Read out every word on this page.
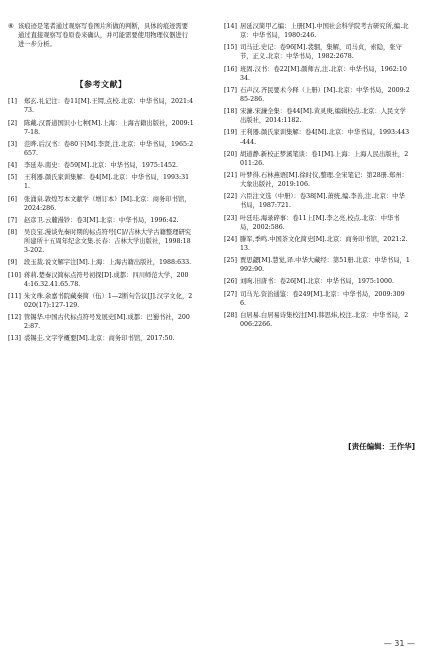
⑥ 该痕迹是笔者通过观察写卷图片所做的判断，具体的痕迹需要通过直接观察写卷原卷来确认，并可能需要使用物理仪器进行进一步分析。
【参考文献】
[1] 郑玄.礼记注：卷11[M].王锷,点校.北京：中华书局，2021:473.
[2] 陈戴.汉晋道国识小七种[M].上海：上海古籍出版社，2009:17-18.
[3] 范晔.后汉书：卷80下[M].李贤,注.北京：中华书局，1965:2657.
[4] 李延寿.南史：卷59[M].北京：中华书局，1975:1452.
[5] 王利器.颜氏家训集解：卷4[M].北京：中华书局，1993:311.
[6] 张涌泉.敦煌写本文献学（增订本）[M].北京：商务印书馆，2024:286.
[7] 赵彦卫.云麓漫钞：卷3[M].北京：中华书局，1996:42.
[8] 吴良宝.漫谈先秦时期的标点符号[C]//吉林大学古籍整理研究所建所十五周年纪念文集.长春：吉林大学出版社，1998:183-202.
[9] 段玉裁.说文解字注[M].上海：上海古籍出版社，1988:633.
[10] 蒋莉.楚秦汉简标点符号初探[D].成都：四川师范大学，2004:16.32.41.65.78.
[11] 朱文珠.余嘉书院藏秦简（伍）1—2断句告议[J].汉字文化，2020(17):127-129.
[12] 管锡华.中国古代标点符号发展史[M].成都：巴蜀书社，2002:87.
[13] 裘锡圭.文字学概要[M].北京：商务印书馆，2017:50.
[14] 居延汉简甲乙编：上册[M].中国社会科学院考古研究所,编.北京：中华书局，1980:246.
[15] 司马迁.史记：卷96[M].裴骃，集解，司马贞，索隐，张守节，正义.北京：中华书局，1982:2678.
[16] 班固.汉书：卷22[M].颜师古,注.北京：中华书局，1962:1034.
[17] 石声汉.齐民要术今释（上册）[M].北京：中华书局，2009:285-286.
[18] 宋濂.宋濂全集：卷44[M].黄灵庚,编辑校点.北京：人民文学出版社，2014:1182.
[19] 王利器.颜氏家训集解：卷4[M].北京：中华书局，1993:443-444.
[20] 胡道静.新校正梦溪笔谈：卷1[M].上海：上海人民出版社，2011:26.
[21] 叶梦得.石林燕语[M].徐时仪,整理.全宋笔记：第28册.郑州：大象出版社，2019:106.
[22] 六臣注文选（中册）：卷38[M].萧统,编.李善,注.北京：中华书局，1987:721.
[23] 叶廷珪.海录碎事：卷11上[M].李之亮,校点.北京：中华书局，2002:586.
[24] 滕军,季鸣.中国茶文化简史[M].北京：商务印书馆，2021:2.13.
[25] 贾思勰[M].慧觉,译.中华大藏经：第51册.北京：中华书局，1992:90.
[26] 刘昫.旧唐书：卷26[M].北京：中华书局，1975:1000.
[27] 司马光.资治通鉴：卷249[M].北京：中华书局，2009:3096.
[28] 白居易.白居易诗集校注[M].韩思炜,校注.北京：中华书局，2006:2266.
[责任编辑：王作华]
— 31 —
